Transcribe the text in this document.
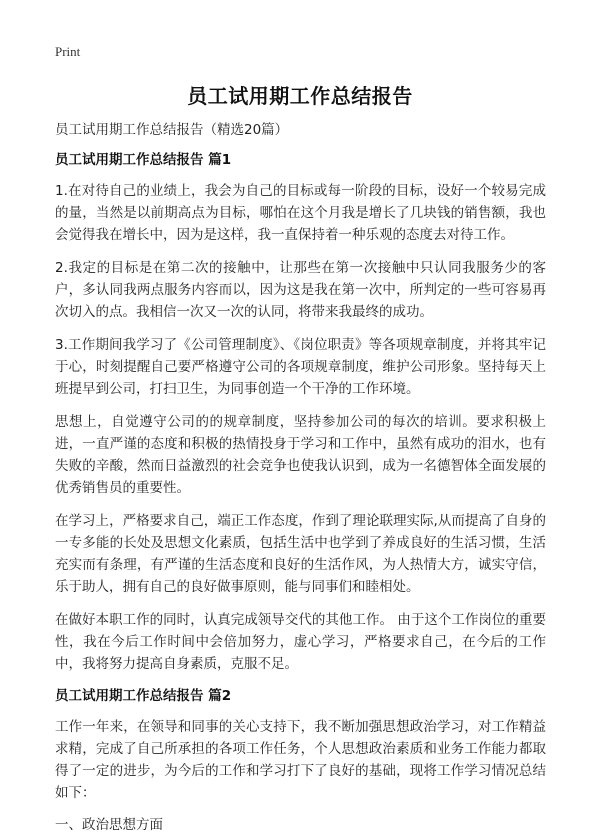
Print
员工试用期工作总结报告

员工试用期工作总结报告（精选20篇）

员工试用期工作总结报告 篇1

1.在对待自己的业绩上，我会为自己的目标或每一阶段的目标，设好一个较易完成的量，当然是以前期高点为目标，哪怕在这个月我是增长了几块钱的销售额，我也会觉得我在增长中，因为是这样，我一直保持着一种乐观的态度去对待工作。

2.我定的目标是在第二次的接触中，让那些在第一次接触中只认同我服务少的客户，多认同我两点服务内容而以，因为这是我在第一次中，所判定的一些可容易再次切入的点。我相信一次又一次的认同，将带来我最终的成功。

3.工作期间我学习了《公司管理制度》、《岗位职责》等各项规章制度，并将其牢记于心，时刻提醒自己要严格遵守公司的各项规章制度，维护公司形象。坚持每天上班提早到公司，打扫卫生，为同事创造一个干净的工作环境。

思想上，自觉遵守公司的的规章制度，坚持参加公司的每次的培训。要求积极上进，一直严谨的态度和积极的热情投身于学习和工作中，虽然有成功的泪水，也有失败的辛酸，然而日益激烈的社会竞争也使我认识到，成为一名德智体全面发展的优秀销售员的重要性。

在学习上，严格要求自己，端正工作态度，作到了理论联理实际,从而提高了自身的一专多能的长处及思想文化素质，包括生活中也学到了养成良好的生活习惯，生活充实而有条理，有严谨的生活态度和良好的生活作风，为人热情大方，诚实守信，乐于助人，拥有自己的良好做事原则，能与同事们和睦相处。

在做好本职工作的同时，认真完成领导交代的其他工作。 由于这个工作岗位的重要性，我在今后工作时间中会倍加努力，虚心学习，严格要求自己，在今后的工作中，我将努力提高自身素质，克服不足。

员工试用期工作总结报告 篇2

工作一年来，在领导和同事的关心支持下，我不断加强思想政治学习，对工作精益求精，完成了自己所承担的各项工作任务，个人思想政治素质和业务工作能力都取得了一定的进步，为今后的工作和学习打下了良好的基础，现将工作学习情况总结如下：

一、政治思想方面
